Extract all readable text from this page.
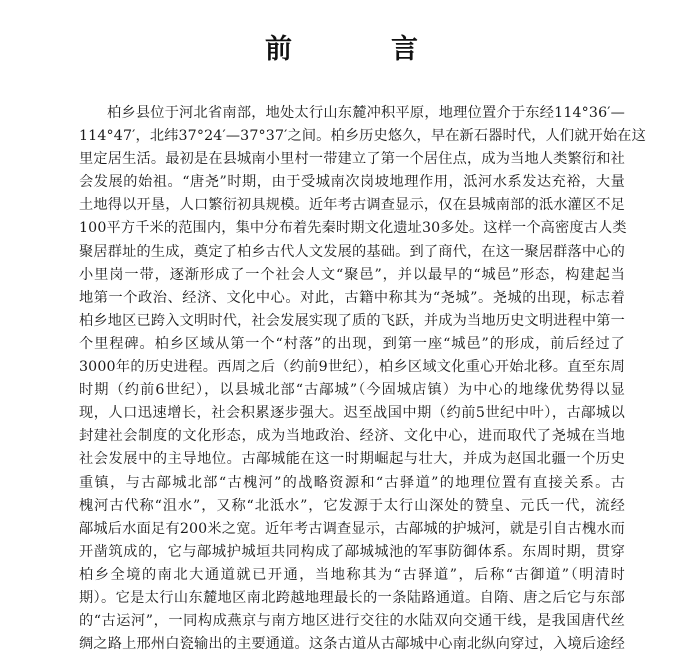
前　言
柏乡县位于河北省南部，地处太行山东麓冲积平原，地理位置介于东经114°36′—
114°47′，北纬37°24′—37°37′之间。柏乡历史悠久，早在新石器时代，人们就开始在这
里定居生活。最初是在县城南小里村一带建立了第一个居住点，成为当地人类繁衍和社
会发展的始祖。“唐尧”时期，由于受城南次岗坡地理作用，泜河水系发达充裕，大量
土地得以开垦，人口繁衍初具规模。近年考古调查显示，仅在县城南部的泜水灌区不足
100平方千米的范围内，集中分布着先秦时期文化遗址30多处。这样一个高密度古人类
聚居群址的生成，奠定了柏乡古代人文发展的基础。到了商代，在这一聚居群落中心的
小里岗一带，逐渐形成了一个社会人文“聚邑”，并以最早的“城邑”形态，构建起当
地第一个政治、经济、文化中心。对此，古籍中称其为“尧城”。尧城的出现，标志着
柏乡地区已跨入文明时代，社会发展实现了质的飞跃，并成为当地历史文明进程中第一
个里程碑。柏乡区域从第一个“村落”的出现，到第一座“城邑”的形成，前后经过了
3000年的历史进程。西周之后（约前9世纪），柏乡区域文化重心开始北移。直至东周
时期（约前6世纪），以县城北部“古鄗城”（今固城店镇）为中心的地缘优势得以显
现，人口迅速增长，社会积累逐步强大。迟至战国中期（约前5世纪中叶），古鄗城以
封建社会制度的文化形态，成为当地政治、经济、文化中心，进而取代了尧城在当地
社会发展中的主导地位。古鄗城能在这一时期崛起与壮大，并成为赵国北疆一个历史
重镇，与古鄗城北部“古槐河”的战略资源和“古驿道”的地理位置有直接关系。古
槐河古代称“沮水”，又称“北泜水”，它发源于太行山深处的赞皇、元氏一代，流经
鄗城后水面足有200米之宽。近年考古调查显示，古鄗城的护城河，就是引自古槐水而
开凿筑成的，它与鄗城护城垣共同构成了鄗城城池的军事防御体系。东周时期，贯穿
柏乡全境的南北大通道就已开通，当地称其为“古驿道”，后称“古御道”（明清时
期）。它是太行山东麓地区南北跨越地理最长的一条陆路通道。自隋、唐之后它与东部
的“古运河”，一同构成燕京与南方地区进行交往的水陆双向交通干线，是我国唐代丝
绸之路上邢州白瓷输出的主要通道。这条古道从古鄗城中心南北纵向穿过，入境后途经
